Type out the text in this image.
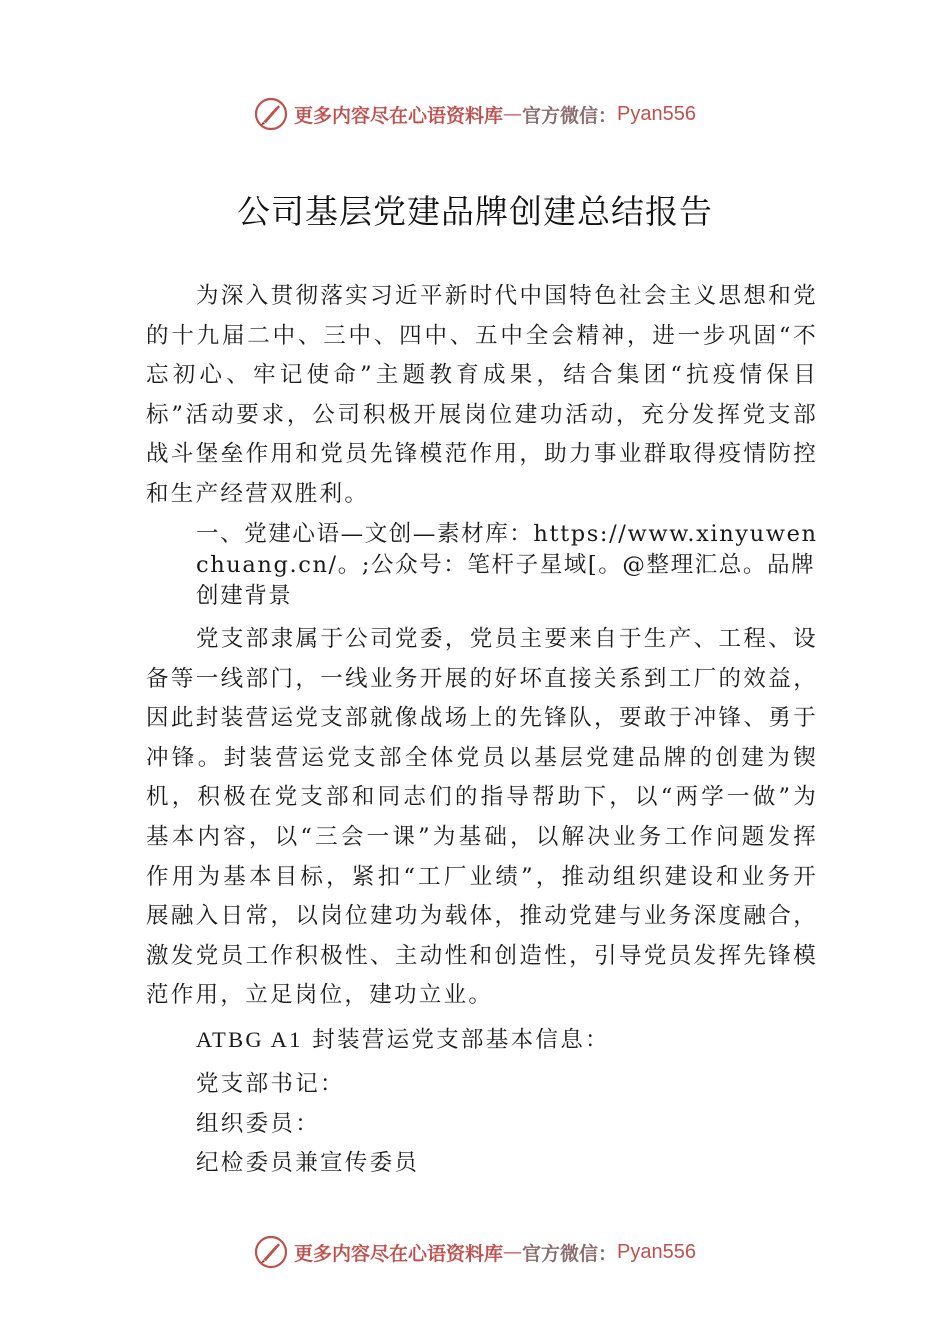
更多内容尽在心语资料库 — 官方微信： Pyan556
公司基层党建品牌创建总结报告

为深入贯彻落实习近平新时代中国特色社会主义思想和党的十九届二中、三中、四中、五中全会精神，进一步巩固“不忘初心、牢记使命”主题教育成果，结合集团“抗疫情保目标”活动要求，公司积极开展岗位建功活动，充分发挥党支部战斗堡垒作用和党员先锋模范作用，助力事业群取得疫情防控和生产经营双胜利。

一、党建心语—文创—素材库：https://www.xinyuwenchuang.cn/。;公众号：笔杆子星域[。@整理汇总。品牌创建背景

党支部隶属于公司党委，党员主要来自于生产、工程、设备等一线部门，一线业务开展的好坏直接关系到工厂的效益，因此封装营运党支部就像战场上的先锋队，要敢于冲锋、勇于冲锋。封装营运党支部全体党员以基层党建品牌的创建为锲机，积极在党支部和同志们的指导帮助下，以“两学一做”为基本内容，以“三会一课”为基础，以解决业务工作问题发挥作用为基本目标，紧扣“工厂业绩”，推动组织建设和业务开展融入日常，以岗位建功为载体，推动党建与业务深度融合，激发党员工作积极性、主动性和创造性，引导党员发挥先锋模范作用，立足岗位，建功立业。

ATBG A1 封装营运党支部基本信息：

党支部书记：

组织委员：

纪检委员兼宣传委员

更多内容尽在心语资料库 — 官方微信： Pyan556
